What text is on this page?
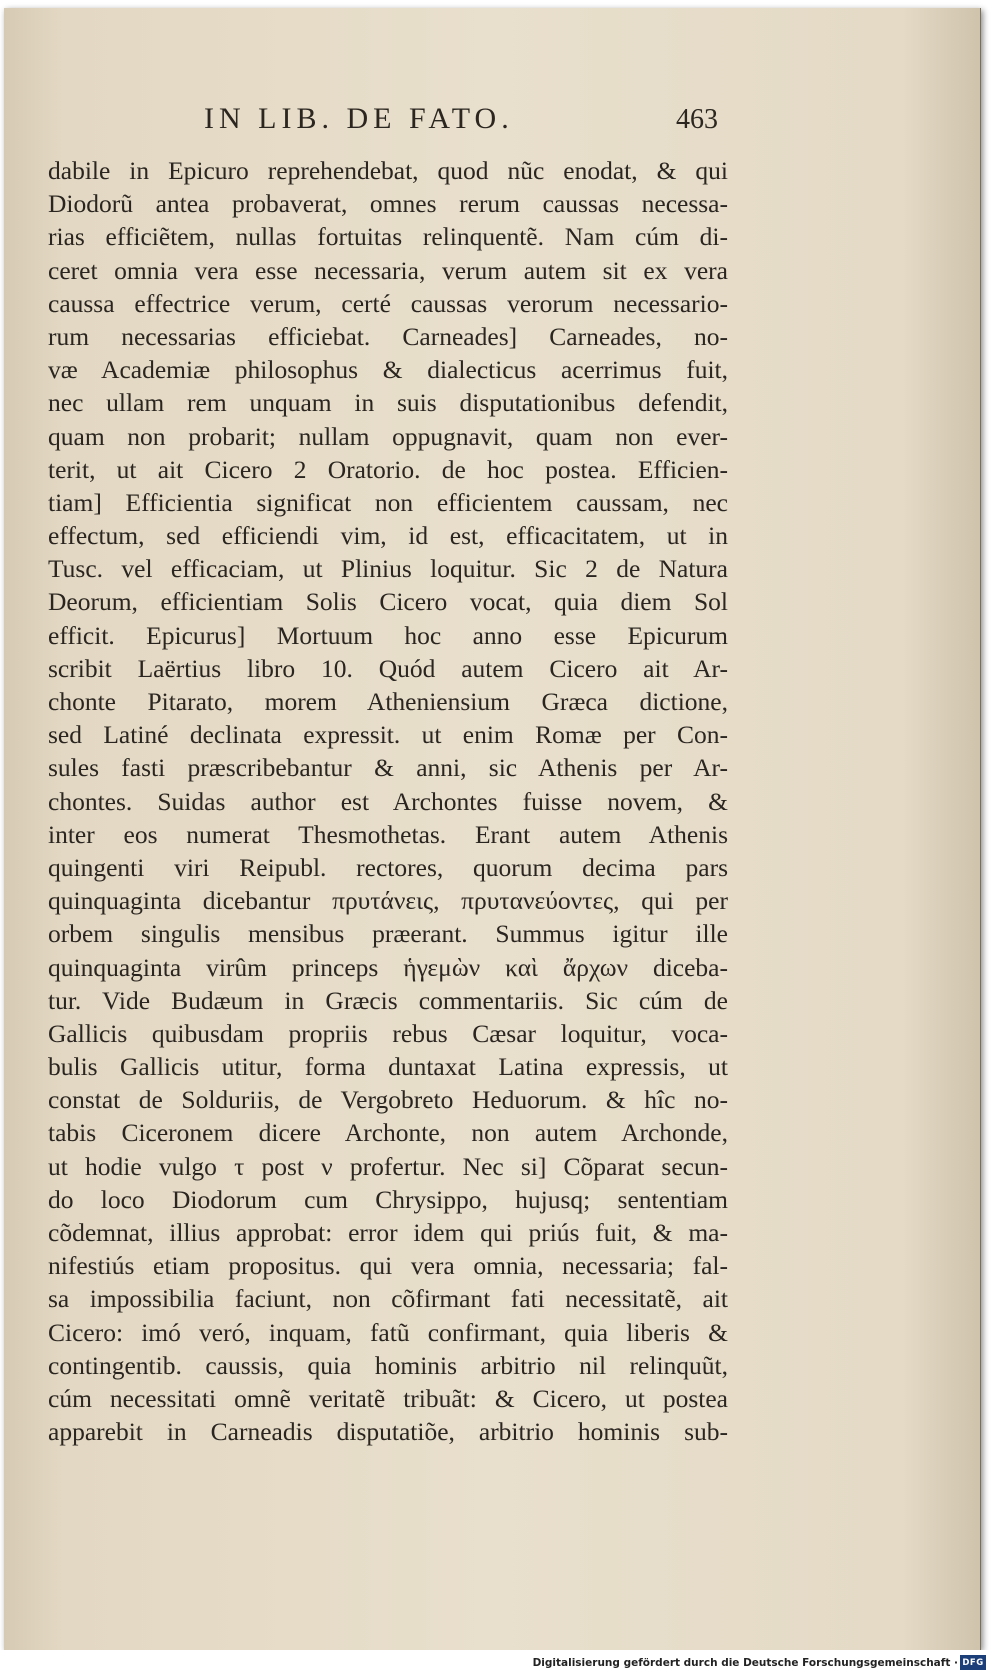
IN LIB. DE FATO.	463
dabile in Epicuro reprehendebat, quod nũc enodat, & qui
Diodorũ antea probaverat, omnes rerum caussas necessa-
rias efficiẽtem, nullas fortuitas relinquentẽ. Nam cúm di-
ceret omnia vera esse necessaria, verum autem sit ex vera
caussa effectrice verum, certé caussas verorum necessario-
rum necessarias efficiebat. Carneades] Carneades, no-
væ Academiæ philosophus & dialecticus acerrimus fuit,
nec ullam rem unquam in suis disputationibus defendit,
quam non probarit; nullam oppugnavit, quam non ever-
terit, ut ait Cicero 2 Oratorio. de hoc postea. Efficien-
tiam] Efficientia significat non efficientem caussam, nec
effectum, sed efficiendi vim, id est, efficacitatem, ut in
Tusc. vel efficaciam, ut Plinius loquitur. Sic 2 de Natura
Deorum, efficientiam Solis Cicero vocat, quia diem Sol
efficit. Epicurus] Mortuum hoc anno esse Epicurum
scribit Laërtius libro 10. Quód autem Cicero ait Ar-
chonte Pitarato, morem Atheniensium Græca dictione,
sed Latiné declinata expressit. ut enim Romæ per Con-
sules fasti præscribebantur & anni, sic Athenis per Ar-
chontes. Suidas author est Archontes fuisse novem, &
inter eos numerat Thesmothetas. Erant autem Athenis
quingenti viri Reipubl. rectores, quorum decima pars
quinquaginta dicebantur πρυτάνεις, πρυτανεύοντες, qui per
orbem singulis mensibus præerant. Summus igitur ille
quinquaginta virûm princeps ἡγεμὼν καὶ ἄρχων diceba-
tur. Vide Budæum in Græcis commentariis. Sic cúm de
Gallicis quibusdam propriis rebus Cæsar loquitur, voca-
bulis Gallicis utitur, forma duntaxat Latina expressis, ut
constat de Solduriis, de Vergobreto Heduorum. & hîc no-
tabis Ciceronem dicere Archonte, non autem Archonde,
ut hodie vulgo τ post ν profertur. Nec si] Cõparat secun-
do loco Diodorum cum Chrysippo, hujusq; sententiam
cõdemnat, illius approbat: error idem qui priús fuit, & ma-
nifestiús etiam propositus. qui vera omnia, necessaria; fal-
sa impossibilia faciunt, non cõfirmant fati necessitatẽ, ait
Cicero: imó veró, inquam, fatũ confirmant, quia liberis &
contingentib. caussis, quia hominis arbitrio nil relinquũt,
cúm necessitati omnẽ veritatẽ tribuãt: & Cicero, ut postea
apparebit in Carneadis disputatiõe, arbitrio hominis sub-
Digitalisierung gefördert durch die Deutsche Forschungsgemeinschaft · DFG
